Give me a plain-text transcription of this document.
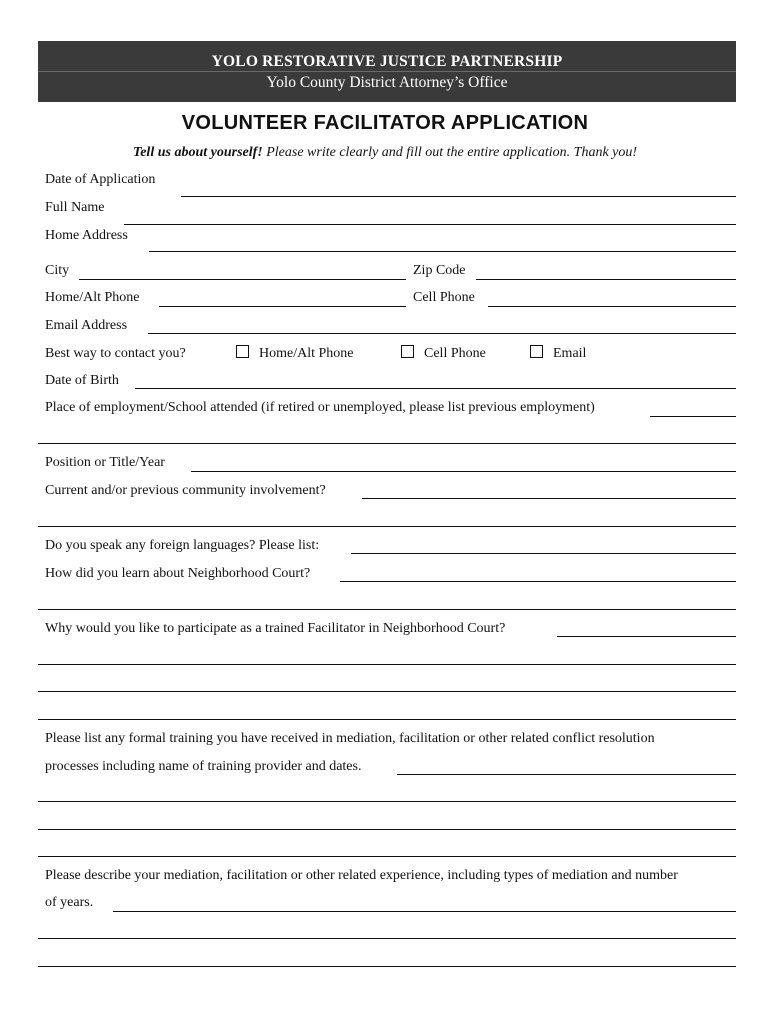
YOLO RESTORATIVE JUSTICE PARTNERSHIP
Yolo County District Attorney’s Office
VOLUNTEER FACILITATOR APPLICATION
Tell us about yourself! Please write clearly and fill out the entire application. Thank you!
Date of Application
Full Name
Home Address
City	Zip Code
Home/Alt Phone	Cell Phone
Email Address
Best way to contact you?	Home/Alt Phone	Cell Phone	Email
Date of Birth
Place of employment/School attended (if retired or unemployed, please list previous employment)
Position or Title/Year
Current and/or previous community involvement?
Do you speak any foreign languages? Please list:
How did you learn about Neighborhood Court?
Why would you like to participate as a trained Facilitator in Neighborhood Court?
Please list any formal training you have received in mediation, facilitation or other related conflict resolution
processes including name of training provider and dates.
Please describe your mediation, facilitation or other related experience, including types of mediation and number
of years.
